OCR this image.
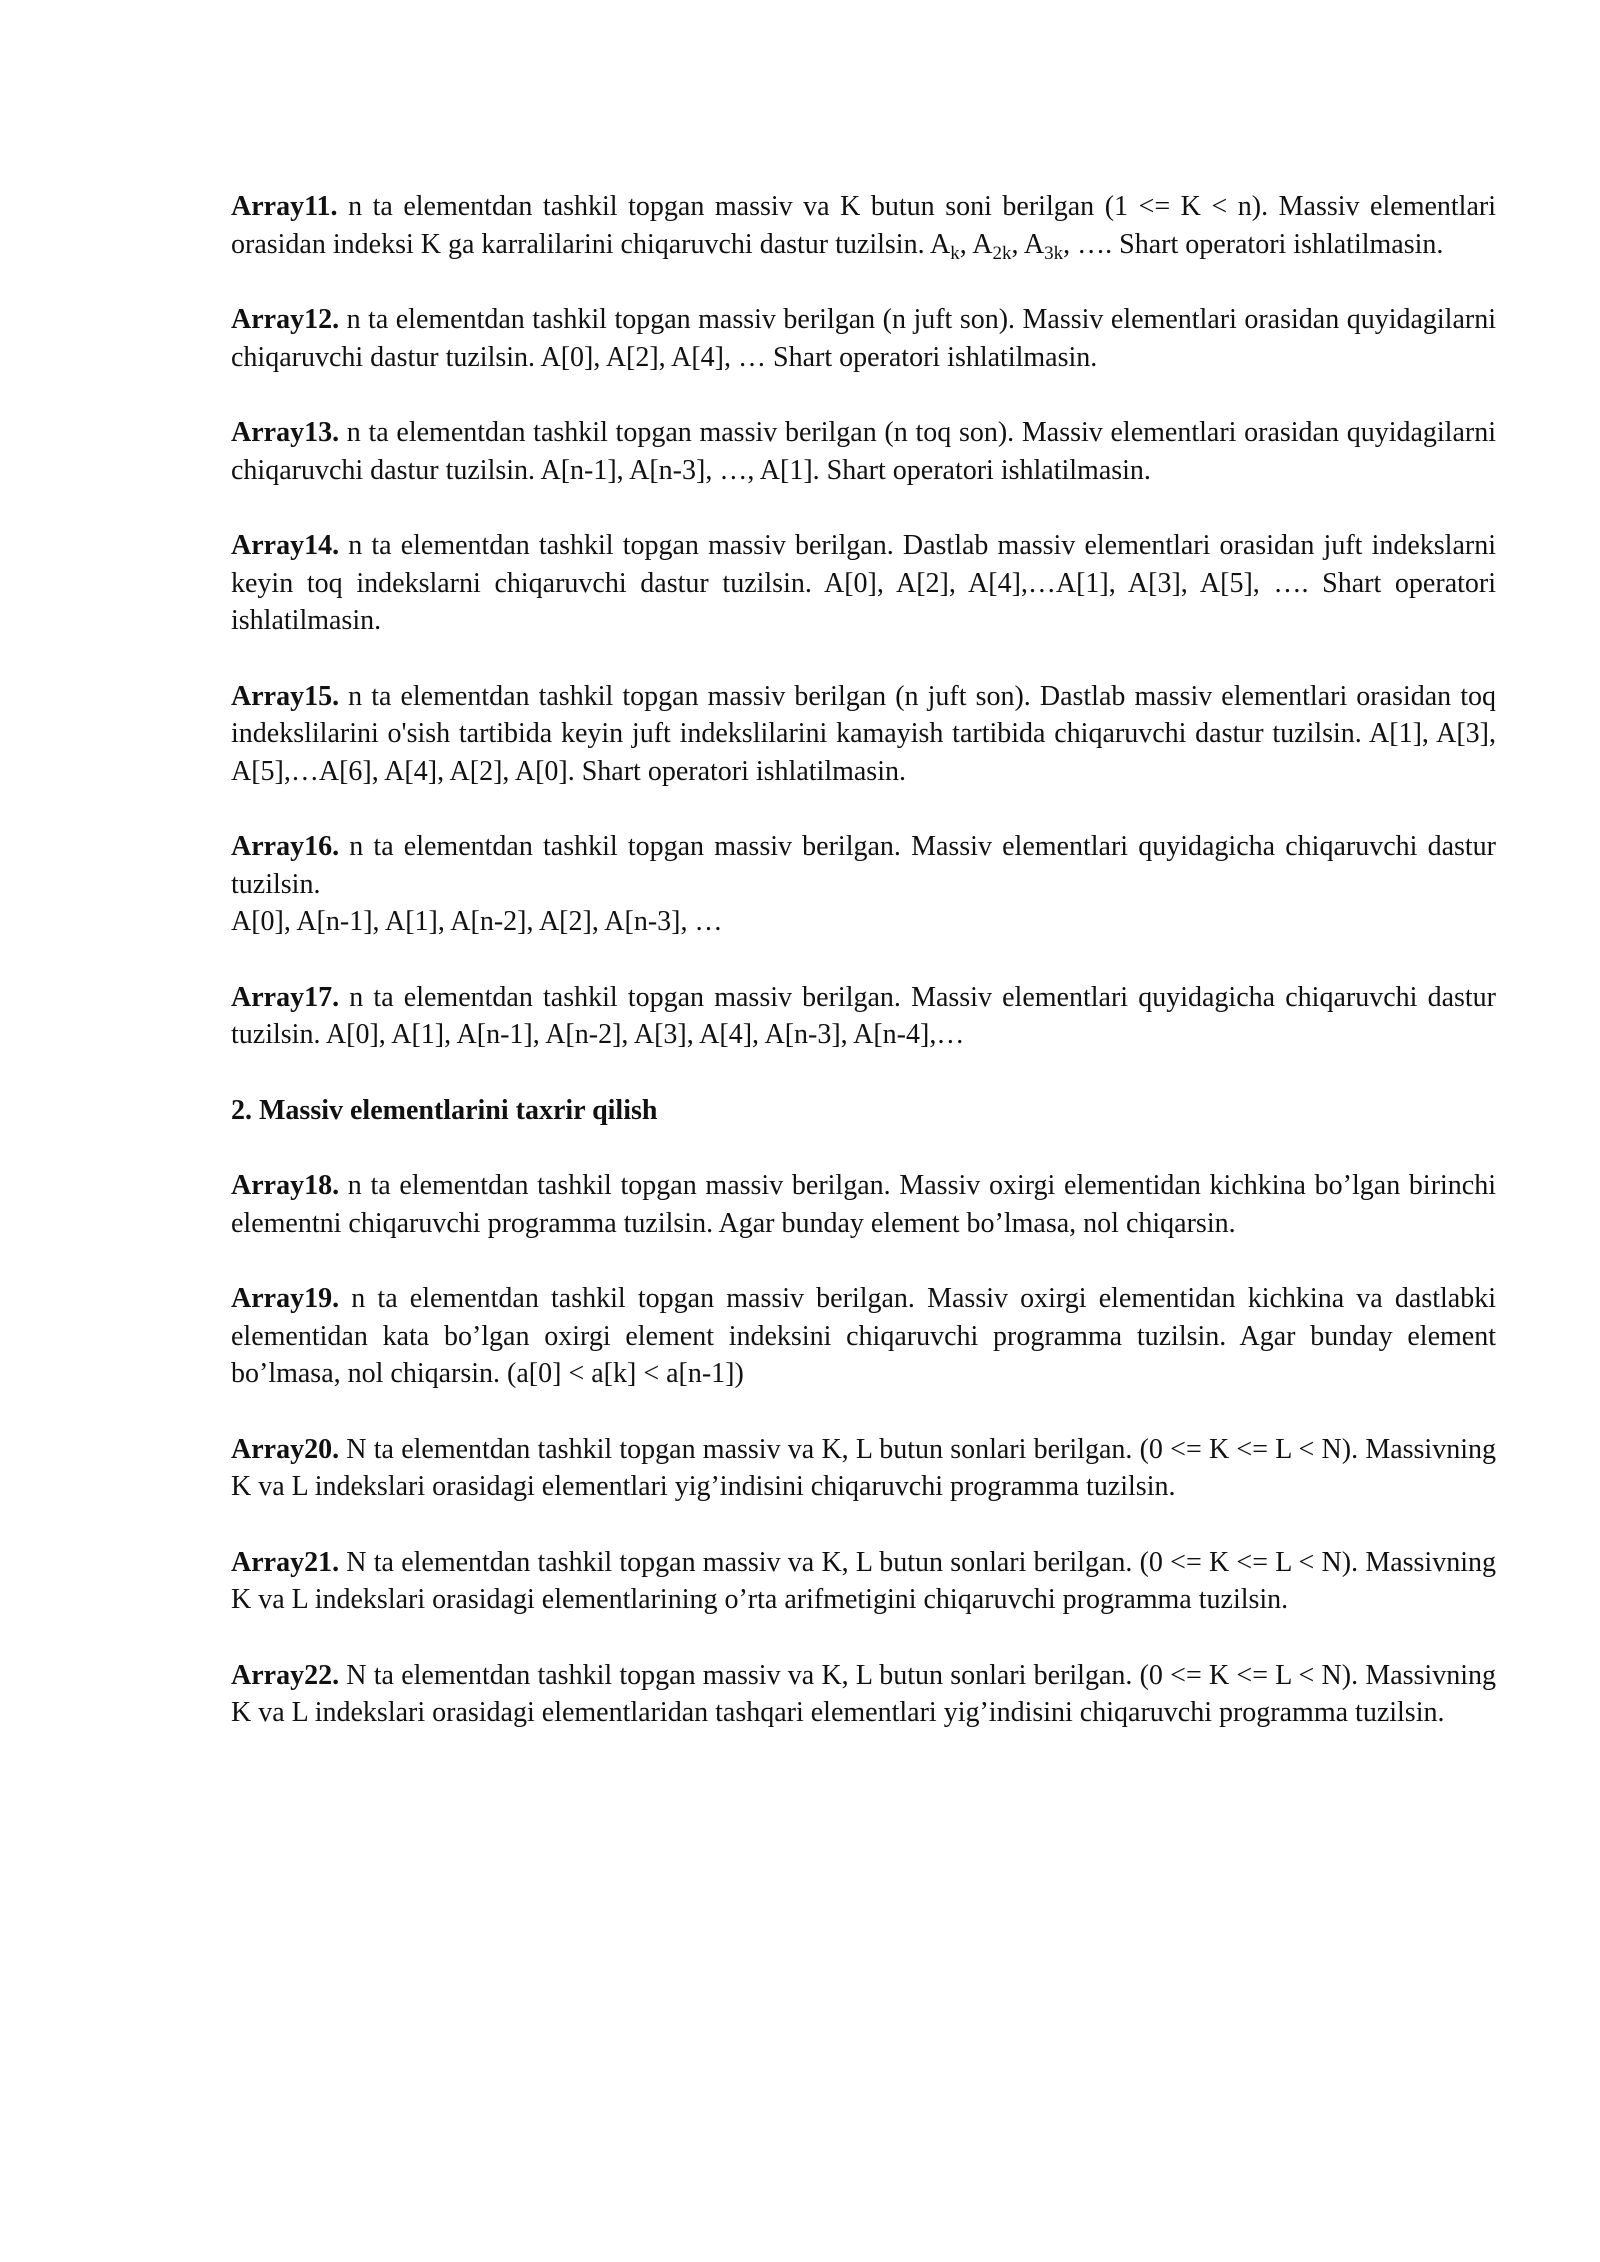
Array11. n ta elementdan tashkil topgan massiv va K butun soni berilgan (1 <= K < n). Massiv elementlari orasidan indeksi K ga karralilarini chiqaruvchi dastur tuzilsin. $A_k$, $A_{2k}$, $A_{3k}$, …. Shart operatori ishlatilmasin.

Array12. n ta elementdan tashkil topgan massiv berilgan (n juft son). Massiv elementlari orasidan quyidagilarni chiqaruvchi dastur tuzilsin. A[0], A[2], A[4], … Shart operatori ishlatilmasin.

Array13. n ta elementdan tashkil topgan massiv berilgan (n toq son). Massiv elementlari orasidan quyidagilarni chiqaruvchi dastur tuzilsin. A[n-1], A[n-3], …, A[1]. Shart operatori ishlatilmasin.

Array14. n ta elementdan tashkil topgan massiv berilgan. Dastlab massiv elementlari orasidan juft indekslarni keyin toq indekslarni chiqaruvchi dastur tuzilsin. A[0], A[2], A[4],…A[1], A[3], A[5], …. Shart operatori ishlatilmasin.

Array15. n ta elementdan tashkil topgan massiv berilgan (n juft son). Dastlab massiv elementlari orasidan toq indekslilarini o'sish tartibida keyin juft indekslilarini kamayish tartibida chiqaruvchi dastur tuzilsin. A[1], A[3], A[5],…A[6], A[4], A[2], A[0]. Shart operatori ishlatilmasin.

Array16. n ta elementdan tashkil topgan massiv berilgan. Massiv elementlari quyidagicha chiqaruvchi dastur tuzilsin.
A[0], A[n-1], A[1], A[n-2], A[2], A[n-3], …

Array17. n ta elementdan tashkil topgan massiv berilgan. Massiv elementlari quyidagicha chiqaruvchi dastur tuzilsin. A[0], A[1], A[n-1], A[n-2], A[3], A[4], A[n-3], A[n-4],…

2. Massiv elementlarini taxrir qilish

Array18. n ta elementdan tashkil topgan massiv berilgan. Massiv oxirgi elementidan kichkina bo’lgan birinchi elementni chiqaruvchi programma tuzilsin. Agar bunday element bo’lmasa, nol chiqarsin.

Array19. n ta elementdan tashkil topgan massiv berilgan. Massiv oxirgi elementidan kichkina va dastlabki elementidan kata bo’lgan oxirgi element indeksini chiqaruvchi programma tuzilsin. Agar bunday element bo’lmasa, nol chiqarsin. (a[0] < a[k] < a[n-1])

Array20. N ta elementdan tashkil topgan massiv va K, L butun sonlari berilgan. (0 <= K <= L < N). Massivning K va L indekslari orasidagi elementlari yig’indisini chiqaruvchi programma tuzilsin.

Array21. N ta elementdan tashkil topgan massiv va K, L butun sonlari berilgan. (0 <= K <= L < N). Massivning K va L indekslari orasidagi elementlarining o’rta arifmetigini chiqaruvchi programma tuzilsin.

Array22. N ta elementdan tashkil topgan massiv va K, L butun sonlari berilgan. (0 <= K <= L < N). Massivning K va L indekslari orasidagi elementlaridan tashqari elementlari yig’indisini chiqaruvchi programma tuzilsin.
